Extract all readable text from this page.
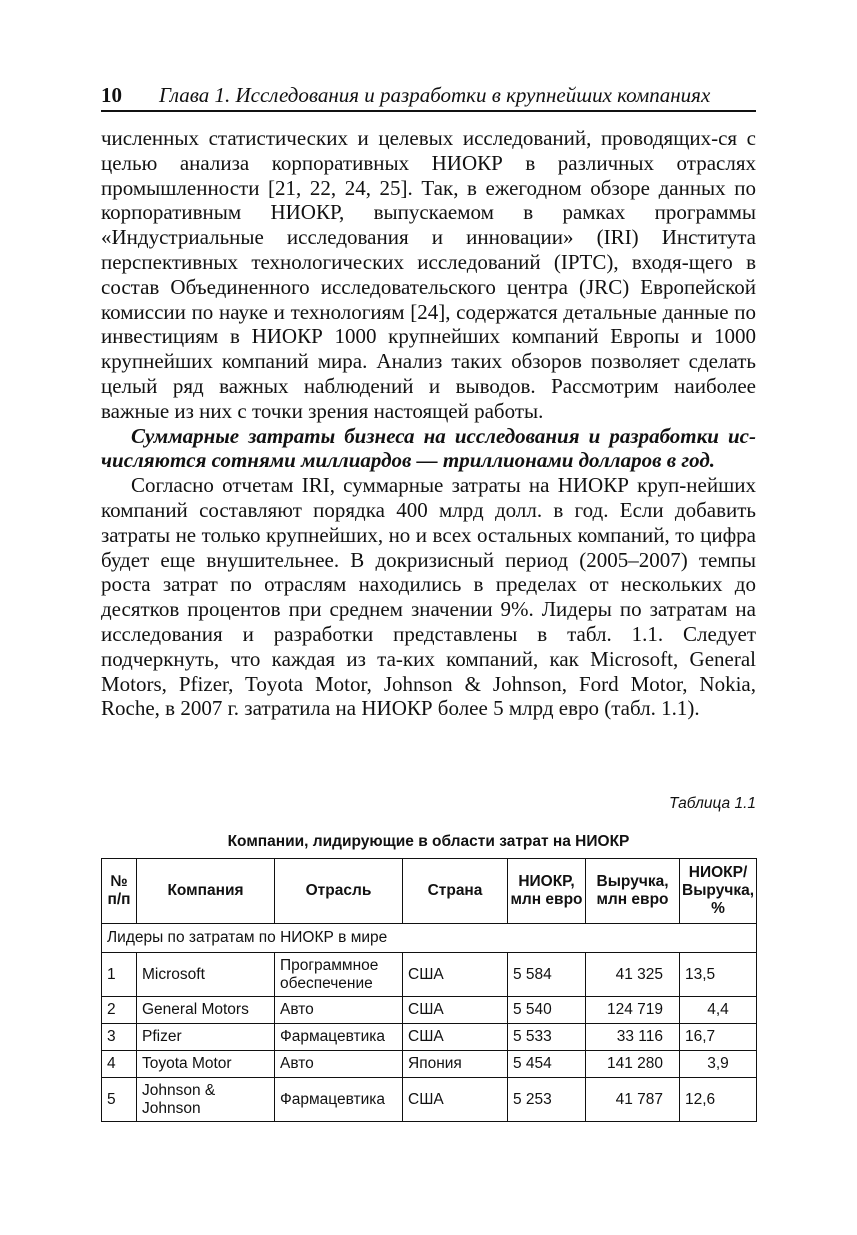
10 Глава 1. Исследования и разработки в крупнейших компаниях

численных статистических и целевых исследований, проводящих-ся с целью анализа корпоративных НИОКР в различных отраслях промышленности [21, 22, 24, 25]. Так, в ежегодном обзоре данных по корпоративным НИОКР, выпускаемом в рамках программы «Индустриальные исследования и инновации» (IRI) Института перспективных технологических исследований (IPTC), входя-щего в состав Объединенного исследовательского центра (JRC) Европейской комиссии по науке и технологиям [24], содержатся детальные данные по инвестициям в НИОКР 1000 крупнейших компаний Европы и 1000 крупнейших компаний мира. Анализ таких обзоров позволяет сделать целый ряд важных наблюдений и выводов. Рассмотрим наиболее важные из них с точки зрения настоящей работы.

Суммарные затраты бизнеса на исследования и разработки ис-числяются сотнями миллиардов — триллионами долларов в год.

Согласно отчетам IRI, суммарные затраты на НИОКР круп-нейших компаний составляют порядка 400 млрд долл. в год. Если добавить затраты не только крупнейших, но и всех остальных компаний, то цифра будет еще внушительнее. В докризисный период (2005–2007) темпы роста затрат по отраслям находились в пределах от нескольких до десятков процентов при среднем значении 9%. Лидеры по затратам на исследования и разработки представлены в табл. 1.1. Следует подчеркнуть, что каждая из та-ких компаний, как Microsoft, General Motors, Pfizer, Toyota Motor, Johnson & Johnson, Ford Motor, Nokia, Roche, в 2007 г. затратила на НИОКР более 5 млрд евро (табл. 1.1).

Таблица 1.1
Компании, лидирующие в области затрат на НИОКР
№ п/п	Компания	Отрасль	Страна	НИОКР, млн евро	Выручка, млн евро	НИОКР/ Выручка, %
Лидеры по затратам по НИОКР в мире						
1	Microsoft	Программное обеспечение	США	5 584	41 325	13,5
2	General Motors	Авто	США	5 540	124 719	4,4
3	Pfizer	Фармацевтика	США	5 533	33 116	16,7
4	Toyota Motor	Авто	Япония	5 454	141 280	3,9
5	Johnson & Johnson	Фармацевтика	США	5 253	41 787	12,6
